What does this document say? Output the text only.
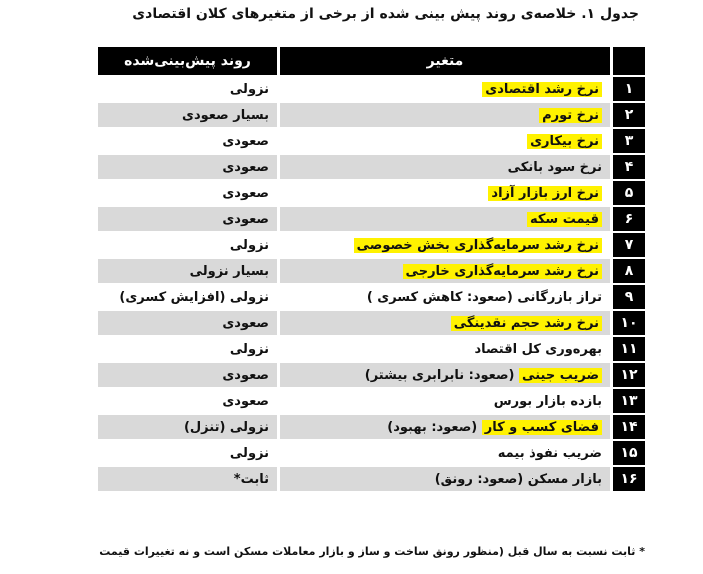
جدول ۱. خلاصه‌ی روند پیش بینی شده از برخی از متغیرهای کلان اقتصادی
	متغیر	روند پیش‌بینی‌شده
۱	نرخ رشد اقتصادی	نزولی
۲	نرخ تورم	بسیار صعودی
۳	نرخ بیکاری	صعودی
۴	نرخ سود بانکی	صعودی
۵	نرخ ارز بازار آزاد	صعودی
۶	قیمت سکه	صعودی
۷	نرخ رشد سرمایه‌گذاری بخش خصوصی	نزولی
۸	نرخ رشد سرمایه‌گذاری خارجی	بسیار نزولی
۹	تراز بازرگانی (صعود: کاهش کسری )	نزولی (افزایش کسری)
۱۰	نرخ رشد حجم نقدینگی	صعودی
۱۱	بهره‌وری کل اقتصاد	نزولی
۱۲	ضریب جینی (صعود: نابرابری بیشتر)	صعودی
۱۳	بازده بازار بورس	صعودی
۱۴	فضای کسب و کار (صعود: بهبود)	نزولی (تنزل)
۱۵	ضریب نفوذ بیمه	نزولی
۱۶	بازار مسکن (صعود: رونق)	ثابت*
* ثابت نسبت به سال قبل (منظور رونق ساخت و ساز و بازار معاملات مسکن است و نه تغییرات قیمت
